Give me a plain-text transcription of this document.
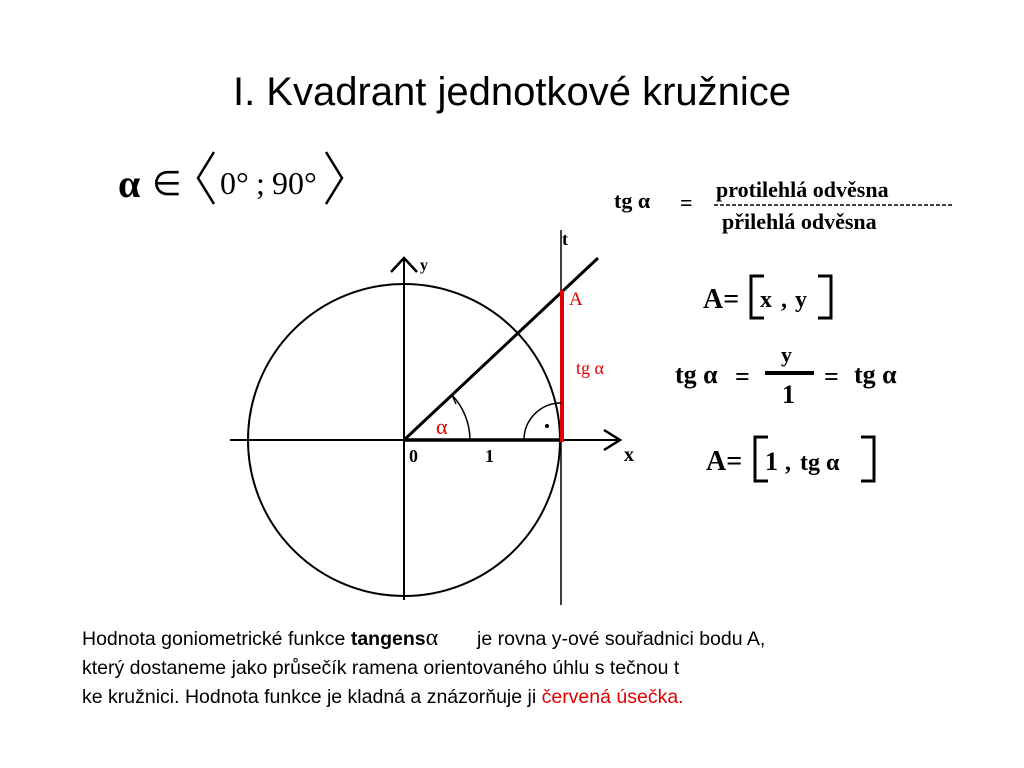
I. Kvadrant jednotkové kružnice
α ∈ 0° ; 90°	tg α =
protilehlá odvěsna
přilehlá odvěsna
A= x , y
tg α =
y
1
= tg α
A= 1 , tg α
y
x
t
0	1
α
A
tg α
Hodnota goniometrické funkce tangensα je rovna y-ové souřadnici bodu A,
který dostaneme jako průsečík ramena orientovaného úhlu s tečnou t
ke kružnici. Hodnota funkce je kladná a znázorňuje ji červená úsečka.
